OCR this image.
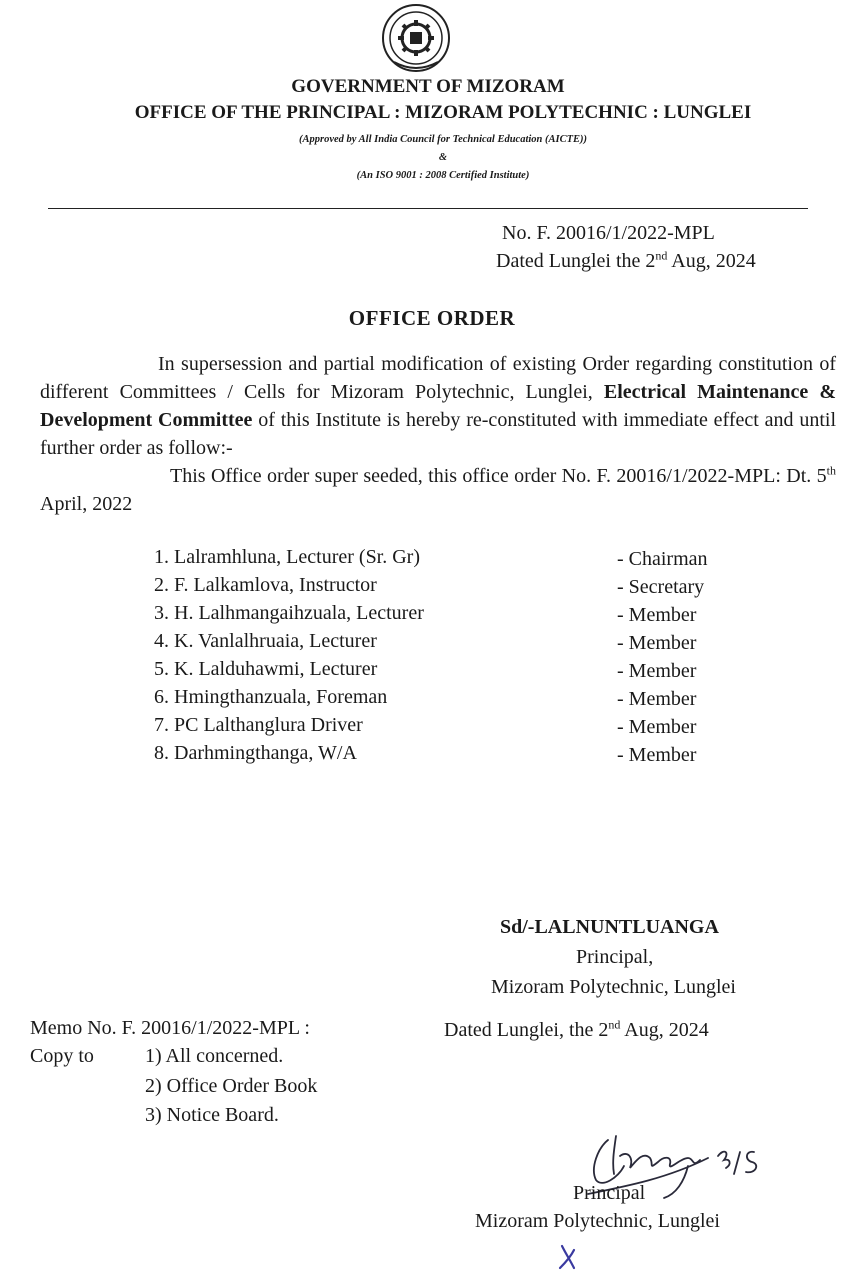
GOVERNMENT OF MIZORAM
OFFICE OF THE PRINCIPAL : MIZORAM POLYTECHNIC : LUNGLEI
(Approved by All India Council for Technical Education (AICTE))
&
(An ISO 9001 : 2008 Certified Institute)
No. F. 20016/1/2022-MPL
Dated Lunglei the 2nd Aug, 2024
OFFICE ORDER
In supersession and partial modification of existing Order regarding constitution of different Committees / Cells for Mizoram Polytechnic, Lunglei, Electrical Maintenance & Development Committee of this Institute is hereby re-constituted with immediate effect and until further order as follow:-
This Office order super seeded, this office order No. F. 20016/1/2022-MPL: Dt. 5th April, 2022
1. Lalramhluna, Lecturer (Sr. Gr)	- Chairman
2. F. Lalkamlova, Instructor	- Secretary
3. H. Lalhmangaihzuala, Lecturer	- Member
4. K. Vanlalhruaia, Lecturer	- Member
5. K. Lalduhawmi, Lecturer	- Member
6. Hmingthanzuala, Foreman	- Member
7. PC Lalthanglura Driver	- Member
8. Darhmingthanga, W/A	- Member
Sd/-LALNUNTLUANGA
Principal,
Mizoram Polytechnic, Lunglei
Memo No. F. 20016/1/2022-MPL :	Dated Lunglei, the 2nd Aug, 2024
Copy to	1) All concerned.
2) Office Order Book
3) Notice Board.
Principal
Mizoram Polytechnic, Lunglei
